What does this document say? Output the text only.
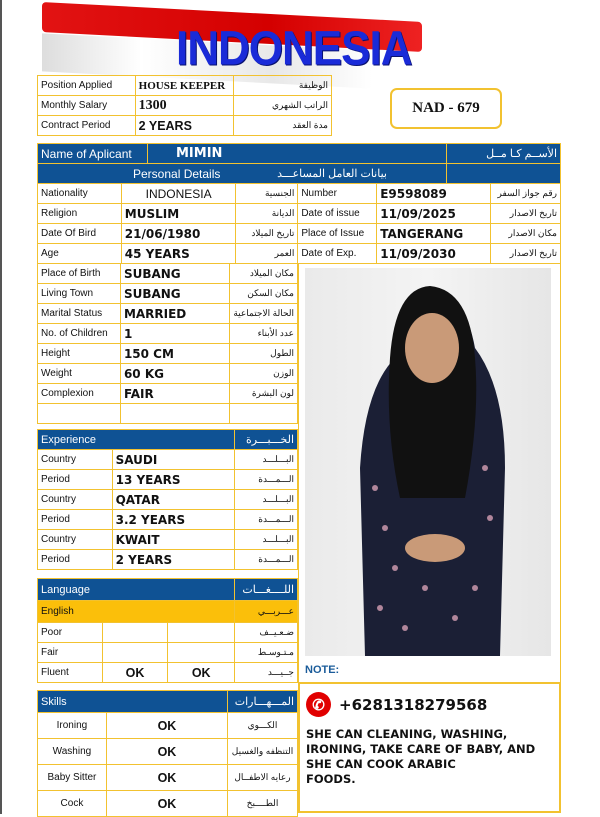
INDONESIA
Position Applied	HOUSE KEEPER	الوظيفة
Monthly Salary	1300	الراتب الشهري
Contract Period	2 YEARS	مدة العقد
NAD - 679
Name of Aplicant	MIMIN	الأســم كـا مــل
Personal Details		بيانات العامل المساعـــد
Nationality	INDONESIA	الجنسية	Number	E9598089	رقم جواز السفر
Religion	MUSLIM	الديانة	Date of issue	11/09/2025	تاريخ الاصدار
Date Of Bird	21/06/1980	تاريخ الميلاد	Place of Issue	TANGERANG	مكان الاصدار
Age	45 YEARS	العمر	Date of Exp.	11/09/2030	تاريخ الاصدار
Place of Birth	SUBANG	مكان الميلاد
Living Town	SUBANG	مكان السكن
Marital Status	MARRIED	الحالة الاجتماعية
No. of Children	1	عدد الأبناء
Height	150 CM	الطول
Weight	60 KG	الوزن
Complexion	FAIR	لون البشرة

Experience		الخـــبـــرة
Country	SAUDI	البـــلـــد
Period	13 YEARS	الـــمـــدة
Country	QATAR	البـــلـــد
Period	3.2 YEARS	الـــمـــدة
Country	KWAIT	البـــلـــد
Period	2 YEARS	الـــمـــدة
Language			اللــــغـــات
English			عـــربـــي
Poor			ضـعـيــف
Fair			مـتـوسـط
Fluent	OK	OK	جــيـــد
Skills		المـــهـــارات
Ironing	OK	الكـــوي
Washing	OK	التنظفه والغسيل
Baby Sitter	OK	رعايه الاطفــال
Cock	OK	الطــــبخ
NOTE:
✆ +6281318279568
SHE CAN CLEANING, WASHING,
IRONING, TAKE CARE OF BABY, AND
SHE CAN COOK ARABIC
FOODS.
